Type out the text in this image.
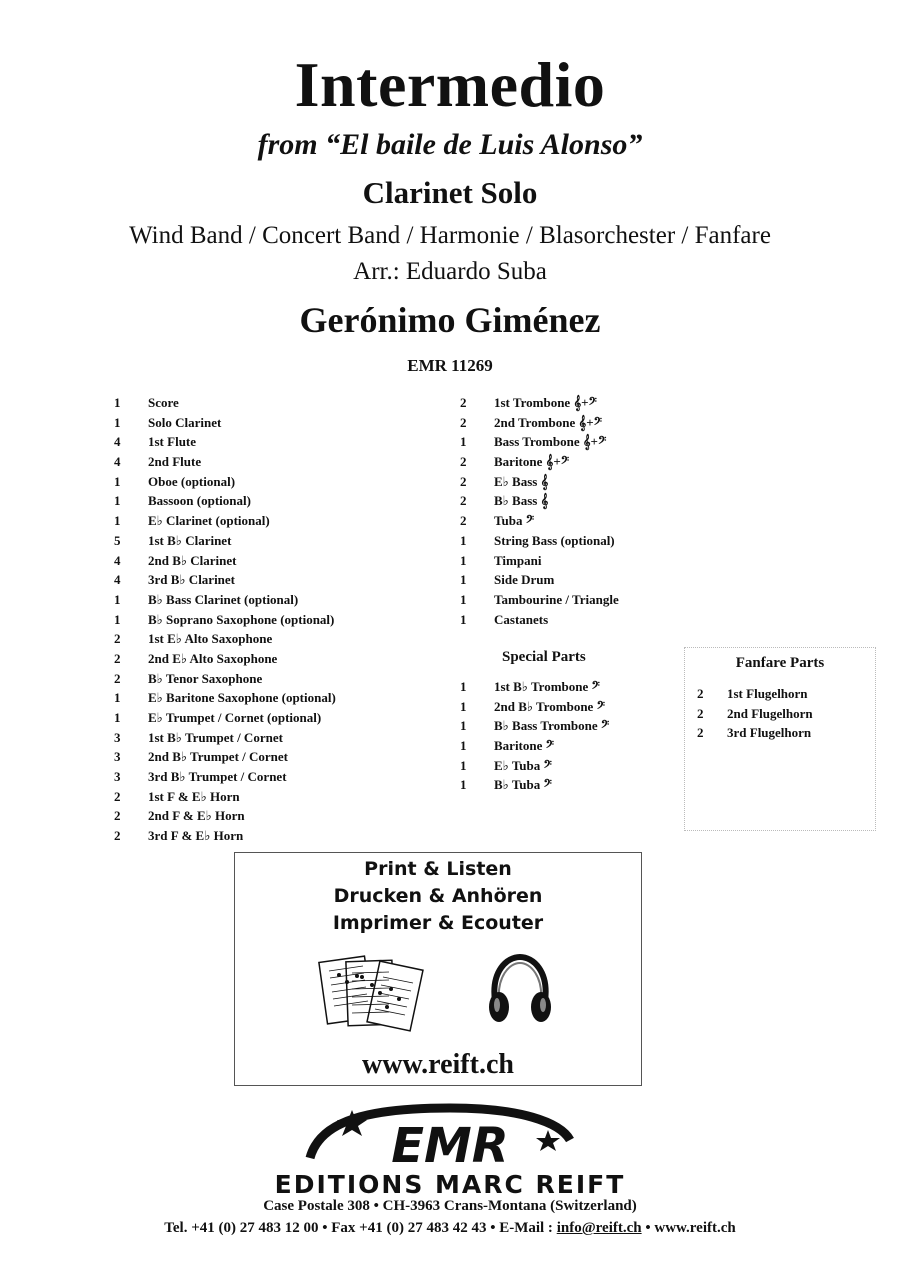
Intermedio
from “El baile de Luis Alonso”
Clarinet Solo
Wind Band / Concert Band / Harmonie / Blasorchester / Fanfare
Arr.: Eduardo Suba
Gerónimo Giménez
EMR 11269
1	Score
1	Solo Clarinet
4	1st Flute
4	2nd Flute
1	Oboe (optional)
1	Bassoon (optional)
1	E♭ Clarinet (optional)
5	1st B♭ Clarinet
4	2nd B♭ Clarinet
4	3rd B♭ Clarinet
1	B♭ Bass Clarinet (optional)
1	B♭ Soprano Saxophone (optional)
2	1st E♭ Alto Saxophone
2	2nd E♭ Alto Saxophone
2	B♭ Tenor Saxophone
1	E♭ Baritone Saxophone (optional)
1	E♭ Trumpet / Cornet (optional)
3	1st B♭ Trumpet / Cornet
3	2nd B♭ Trumpet / Cornet
3	3rd B♭ Trumpet / Cornet
2	1st F & E♭ Horn
2	2nd F & E♭ Horn
2	3rd F & E♭ Horn
2	1st Trombone 𝄞+𝄢
2	2nd Trombone 𝄞+𝄢
1	Bass Trombone 𝄞+𝄢
2	Baritone 𝄞+𝄢
2	E♭ Bass 𝄞
2	B♭ Bass 𝄞
2	Tuba 𝄢
1	String Bass (optional)
1	Timpani
1	Side Drum
1	Tambourine / Triangle
1	Castanets
Special Parts
1	1st B♭ Trombone 𝄢
1	2nd B♭ Trombone 𝄢
1	B♭ Bass Trombone 𝄢
1	Baritone 𝄢
1	E♭ Tuba 𝄢
1	B♭ Tuba 𝄢
Fanfare Parts
2	1st Flugelhorn
2	2nd Flugelhorn
2	3rd Flugelhorn
Print & Listen
Drucken & Anhören
Imprimer & Ecouter
www.reift.ch
EMR
EDITIONS MARC REIFT
Case Postale 308 • CH-3963 Crans-Montana (Switzerland)
Tel. +41 (0) 27 483 12 00 • Fax +41 (0) 27 483 42 43 • E-Mail : info@reift.ch • www.reift.ch
